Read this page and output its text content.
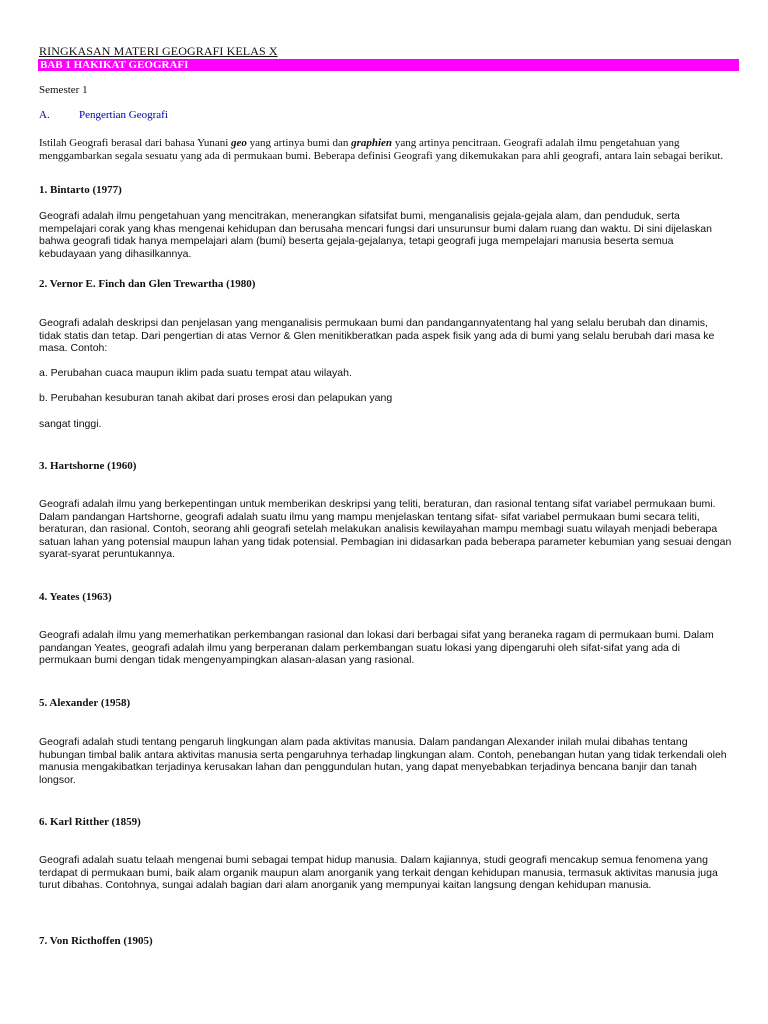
RINGKASAN MATERI GEOGRAFI KELAS X
BAB 1 HAKIKAT GEOGRAFI
Semester 1
A.	Pengertian Geografi
Istilah Geografi berasal dari bahasa Yunani geo yang artinya bumi dan graphien yang artinya pencitraan. Geografi adalah ilmu pengetahuan yang menggambarkan segala sesuatu yang ada di permukaan bumi. Beberapa definisi Geografi yang dikemukakan para ahli geografi, antara lain sebagai berikut.
1. Bintarto (1977)
Geografi adalah ilmu pengetahuan yang mencitrakan, menerangkan sifatsifat bumi, menganalisis gejala-gejala alam, dan penduduk, serta mempelajari corak yang khas mengenai kehidupan dan berusaha mencari fungsi dari unsurunsur bumi dalam ruang dan waktu. Di sini dijelaskan bahwa geografi tidak hanya mempelajari alam (bumi) beserta gejala-gejalanya, tetapi geografi juga mempelajari manusia beserta semua kebudayaan yang dihasilkannya.
2. Vernor E. Finch dan Glen Trewartha (1980)
Geografi adalah deskripsi dan penjelasan yang menganalisis permukaan bumi dan pandangannyatentang hal yang selalu berubah dan dinamis, tidak statis dan tetap. Dari pengertian di atas Vernor & Glen menitikberatkan pada aspek fisik yang ada di bumi yang selalu berubah dari masa ke masa. Contoh:
a. Perubahan cuaca maupun iklim pada suatu tempat atau wilayah.
b. Perubahan kesuburan tanah akibat dari proses erosi dan pelapukan yang
sangat tinggi.
3. Hartshorne (1960)
Geografi adalah ilmu yang berkepentingan untuk memberikan deskripsi yang teliti, beraturan, dan rasional tentang sifat variabel permukaan bumi. Dalam pandangan Hartshorne, geografi adalah suatu ilmu yang mampu menjelaskan tentang sifat- sifat variabel permukaan bumi secara teliti, beraturan, dan rasional. Contoh, seorang ahli geografi setelah melakukan analisis kewilayahan mampu membagi suatu wilayah menjadi beberapa satuan lahan yang potensial maupun lahan yang tidak potensial. Pembagian ini didasarkan pada beberapa parameter kebumian yang sesuai dengan syarat-syarat peruntukannya.
4. Yeates (1963)
Geografi adalah ilmu yang memerhatikan perkembangan rasional dan lokasi dari berbagai sifat yang beraneka ragam di permukaan bumi. Dalam pandangan Yeates, geografi adalah ilmu yang berperanan dalam perkembangan suatu lokasi yang dipengaruhi oleh sifat-sifat yang ada di permukaan bumi dengan tidak mengenyampingkan alasan-alasan yang rasional.
5. Alexander (1958)
Geografi adalah studi tentang pengaruh lingkungan alam pada aktivitas manusia. Dalam pandangan Alexander inilah mulai dibahas tentang hubungan timbal balik antara aktivitas manusia serta pengaruhnya terhadap lingkungan alam. Contoh, penebangan hutan yang tidak terkendali oleh manusia mengakibatkan terjadinya kerusakan lahan dan penggundulan hutan, yang dapat menyebabkan terjadinya bencana banjir dan tanah longsor.
6. Karl Ritther (1859)
Geografi adalah suatu telaah mengenai bumi sebagai tempat hidup manusia. Dalam kajiannya, studi geografi mencakup semua fenomena yang terdapat di permukaan bumi, baik alam organik maupun alam anorganik yang terkait dengan kehidupan manusia, termasuk aktivitas manusia juga turut dibahas. Contohnya, sungai adalah bagian dari alam anorganik yang mempunyai kaitan langsung dengan kehidupan manusia.
7. Von Ricthoffen (1905)
